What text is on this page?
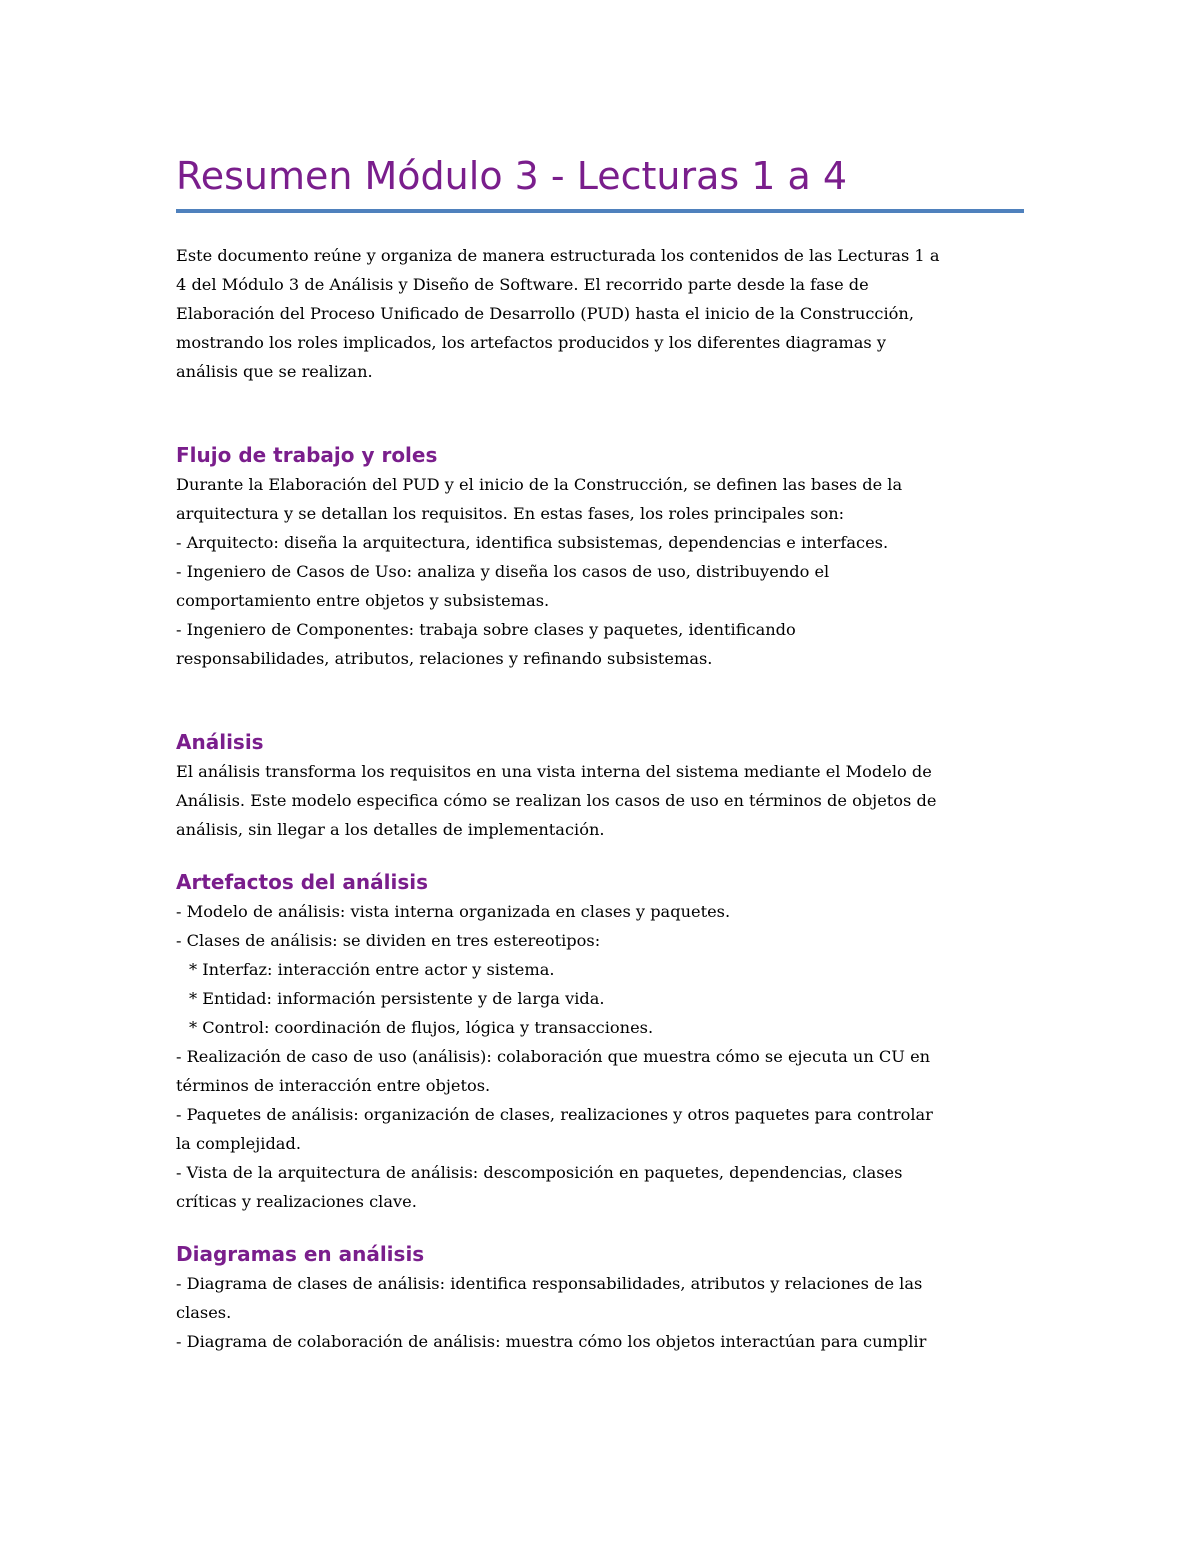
Resumen Módulo 3 - Lecturas 1 a 4

Este documento reúne y organiza de manera estructurada los contenidos de las Lecturas 1 a
4 del Módulo 3 de Análisis y Diseño de Software. El recorrido parte desde la fase de
Elaboración del Proceso Unificado de Desarrollo (PUD) hasta el inicio de la Construcción,
mostrando los roles implicados, los artefactos producidos y los diferentes diagramas y
análisis que se realizan.

Flujo de trabajo y roles

Durante la Elaboración del PUD y el inicio de la Construcción, se definen las bases de la
arquitectura y se detallan los requisitos. En estas fases, los roles principales son:
- Arquitecto: diseña la arquitectura, identifica subsistemas, dependencias e interfaces.
- Ingeniero de Casos de Uso: analiza y diseña los casos de uso, distribuyendo el
comportamiento entre objetos y subsistemas.
- Ingeniero de Componentes: trabaja sobre clases y paquetes, identificando
responsabilidades, atributos, relaciones y refinando subsistemas.

Análisis

El análisis transforma los requisitos en una vista interna del sistema mediante el Modelo de
Análisis. Este modelo especifica cómo se realizan los casos de uso en términos de objetos de
análisis, sin llegar a los detalles de implementación.

Artefactos del análisis

- Modelo de análisis: vista interna organizada en clases y paquetes.
- Clases de análisis: se dividen en tres estereotipos:
* Interfaz: interacción entre actor y sistema.
* Entidad: información persistente y de larga vida.
* Control: coordinación de flujos, lógica y transacciones.
- Realización de caso de uso (análisis): colaboración que muestra cómo se ejecuta un CU en
términos de interacción entre objetos.
- Paquetes de análisis: organización de clases, realizaciones y otros paquetes para controlar
la complejidad.
- Vista de la arquitectura de análisis: descomposición en paquetes, dependencias, clases
críticas y realizaciones clave.

Diagramas en análisis

- Diagrama de clases de análisis: identifica responsabilidades, atributos y relaciones de las
clases.
- Diagrama de colaboración de análisis: muestra cómo los objetos interactúan para cumplir
